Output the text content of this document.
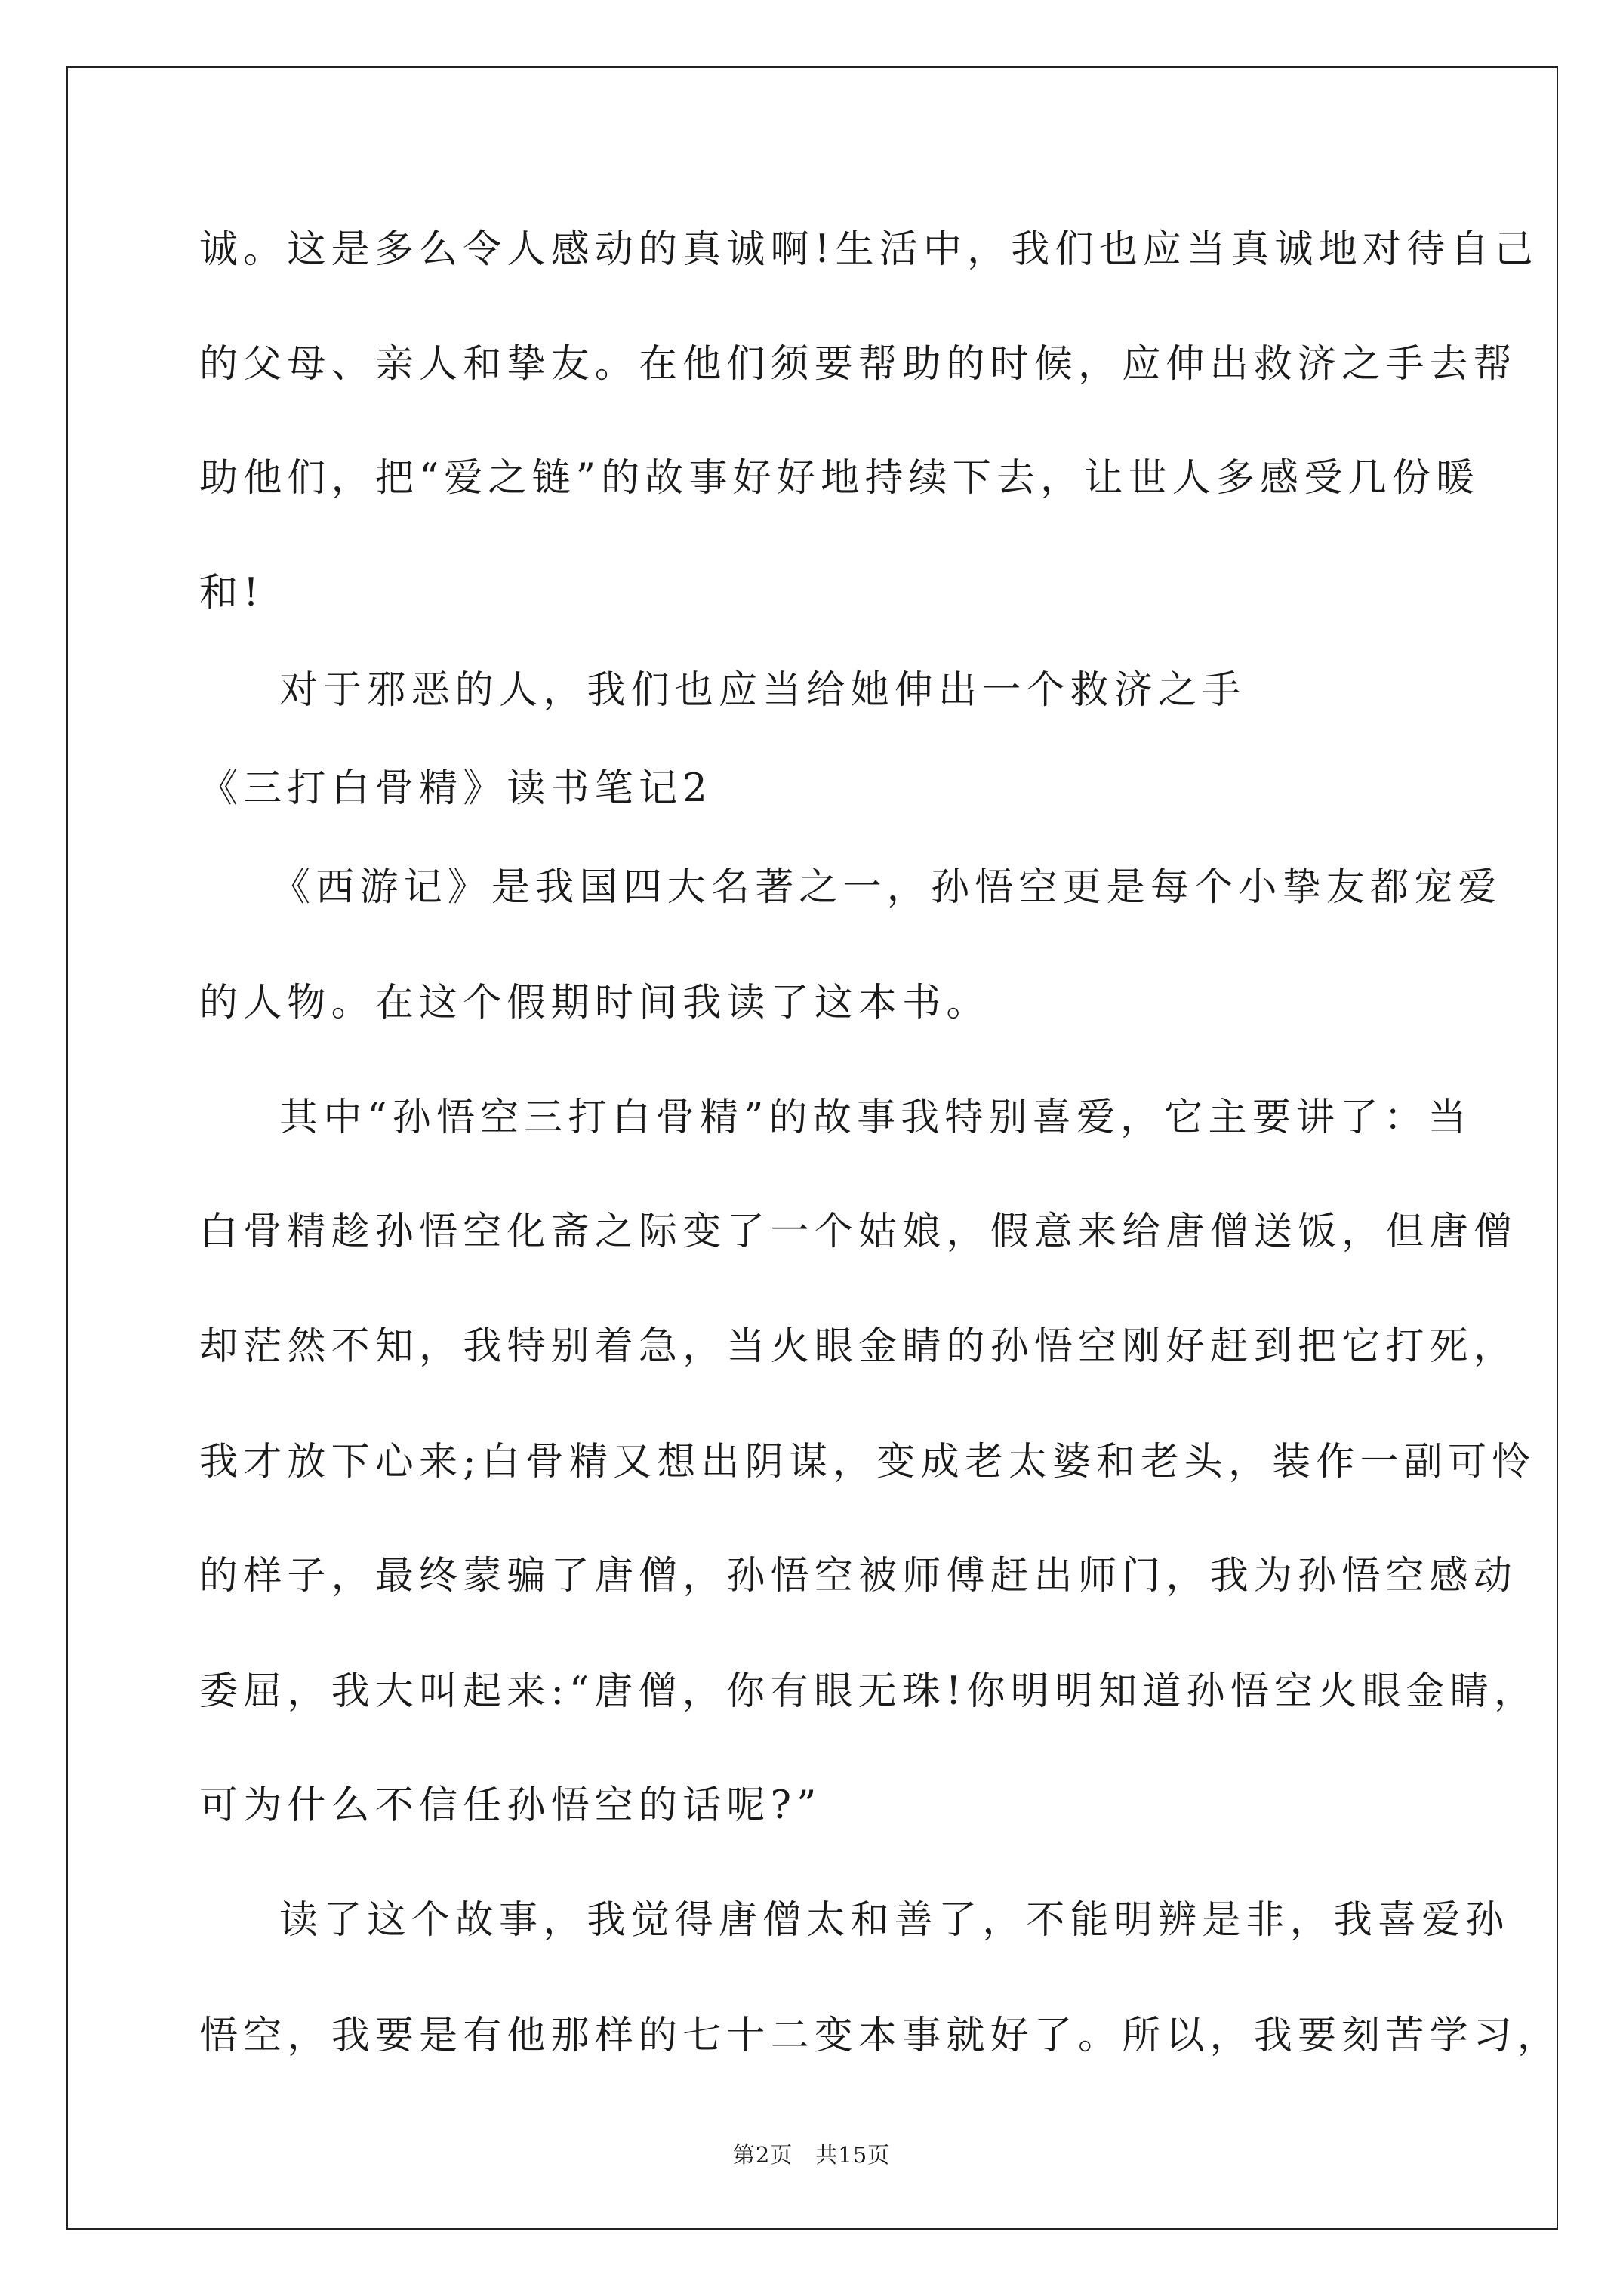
诚。这是多么令人感动的真诚啊!生活中，我们也应当真诚地对待自己
的父母、亲人和挚友。在他们须要帮助的时候，应伸出救济之手去帮
助他们，把“爱之链”的故事好好地持续下去，让世人多感受几份暖
和!
对于邪恶的人，我们也应当给她伸出一个救济之手
《三打白骨精》读书笔记2
《西游记》是我国四大名著之一，孙悟空更是每个小挚友都宠爱
的人物。在这个假期时间我读了这本书。
其中“孙悟空三打白骨精”的故事我特别喜爱，它主要讲了：当
白骨精趁孙悟空化斋之际变了一个姑娘，假意来给唐僧送饭，但唐僧
却茫然不知，我特别着急，当火眼金睛的孙悟空刚好赶到把它打死，
我才放下心来;白骨精又想出阴谋，变成老太婆和老头，装作一副可怜
的样子，最终蒙骗了唐僧，孙悟空被师傅赶出师门，我为孙悟空感动
委屈，我大叫起来:“唐僧，你有眼无珠!你明明知道孙悟空火眼金睛，
可为什么不信任孙悟空的话呢?”
读了这个故事，我觉得唐僧太和善了，不能明辨是非，我喜爱孙
悟空，我要是有他那样的七十二变本事就好了。所以，我要刻苦学习，
第2页　共15页
